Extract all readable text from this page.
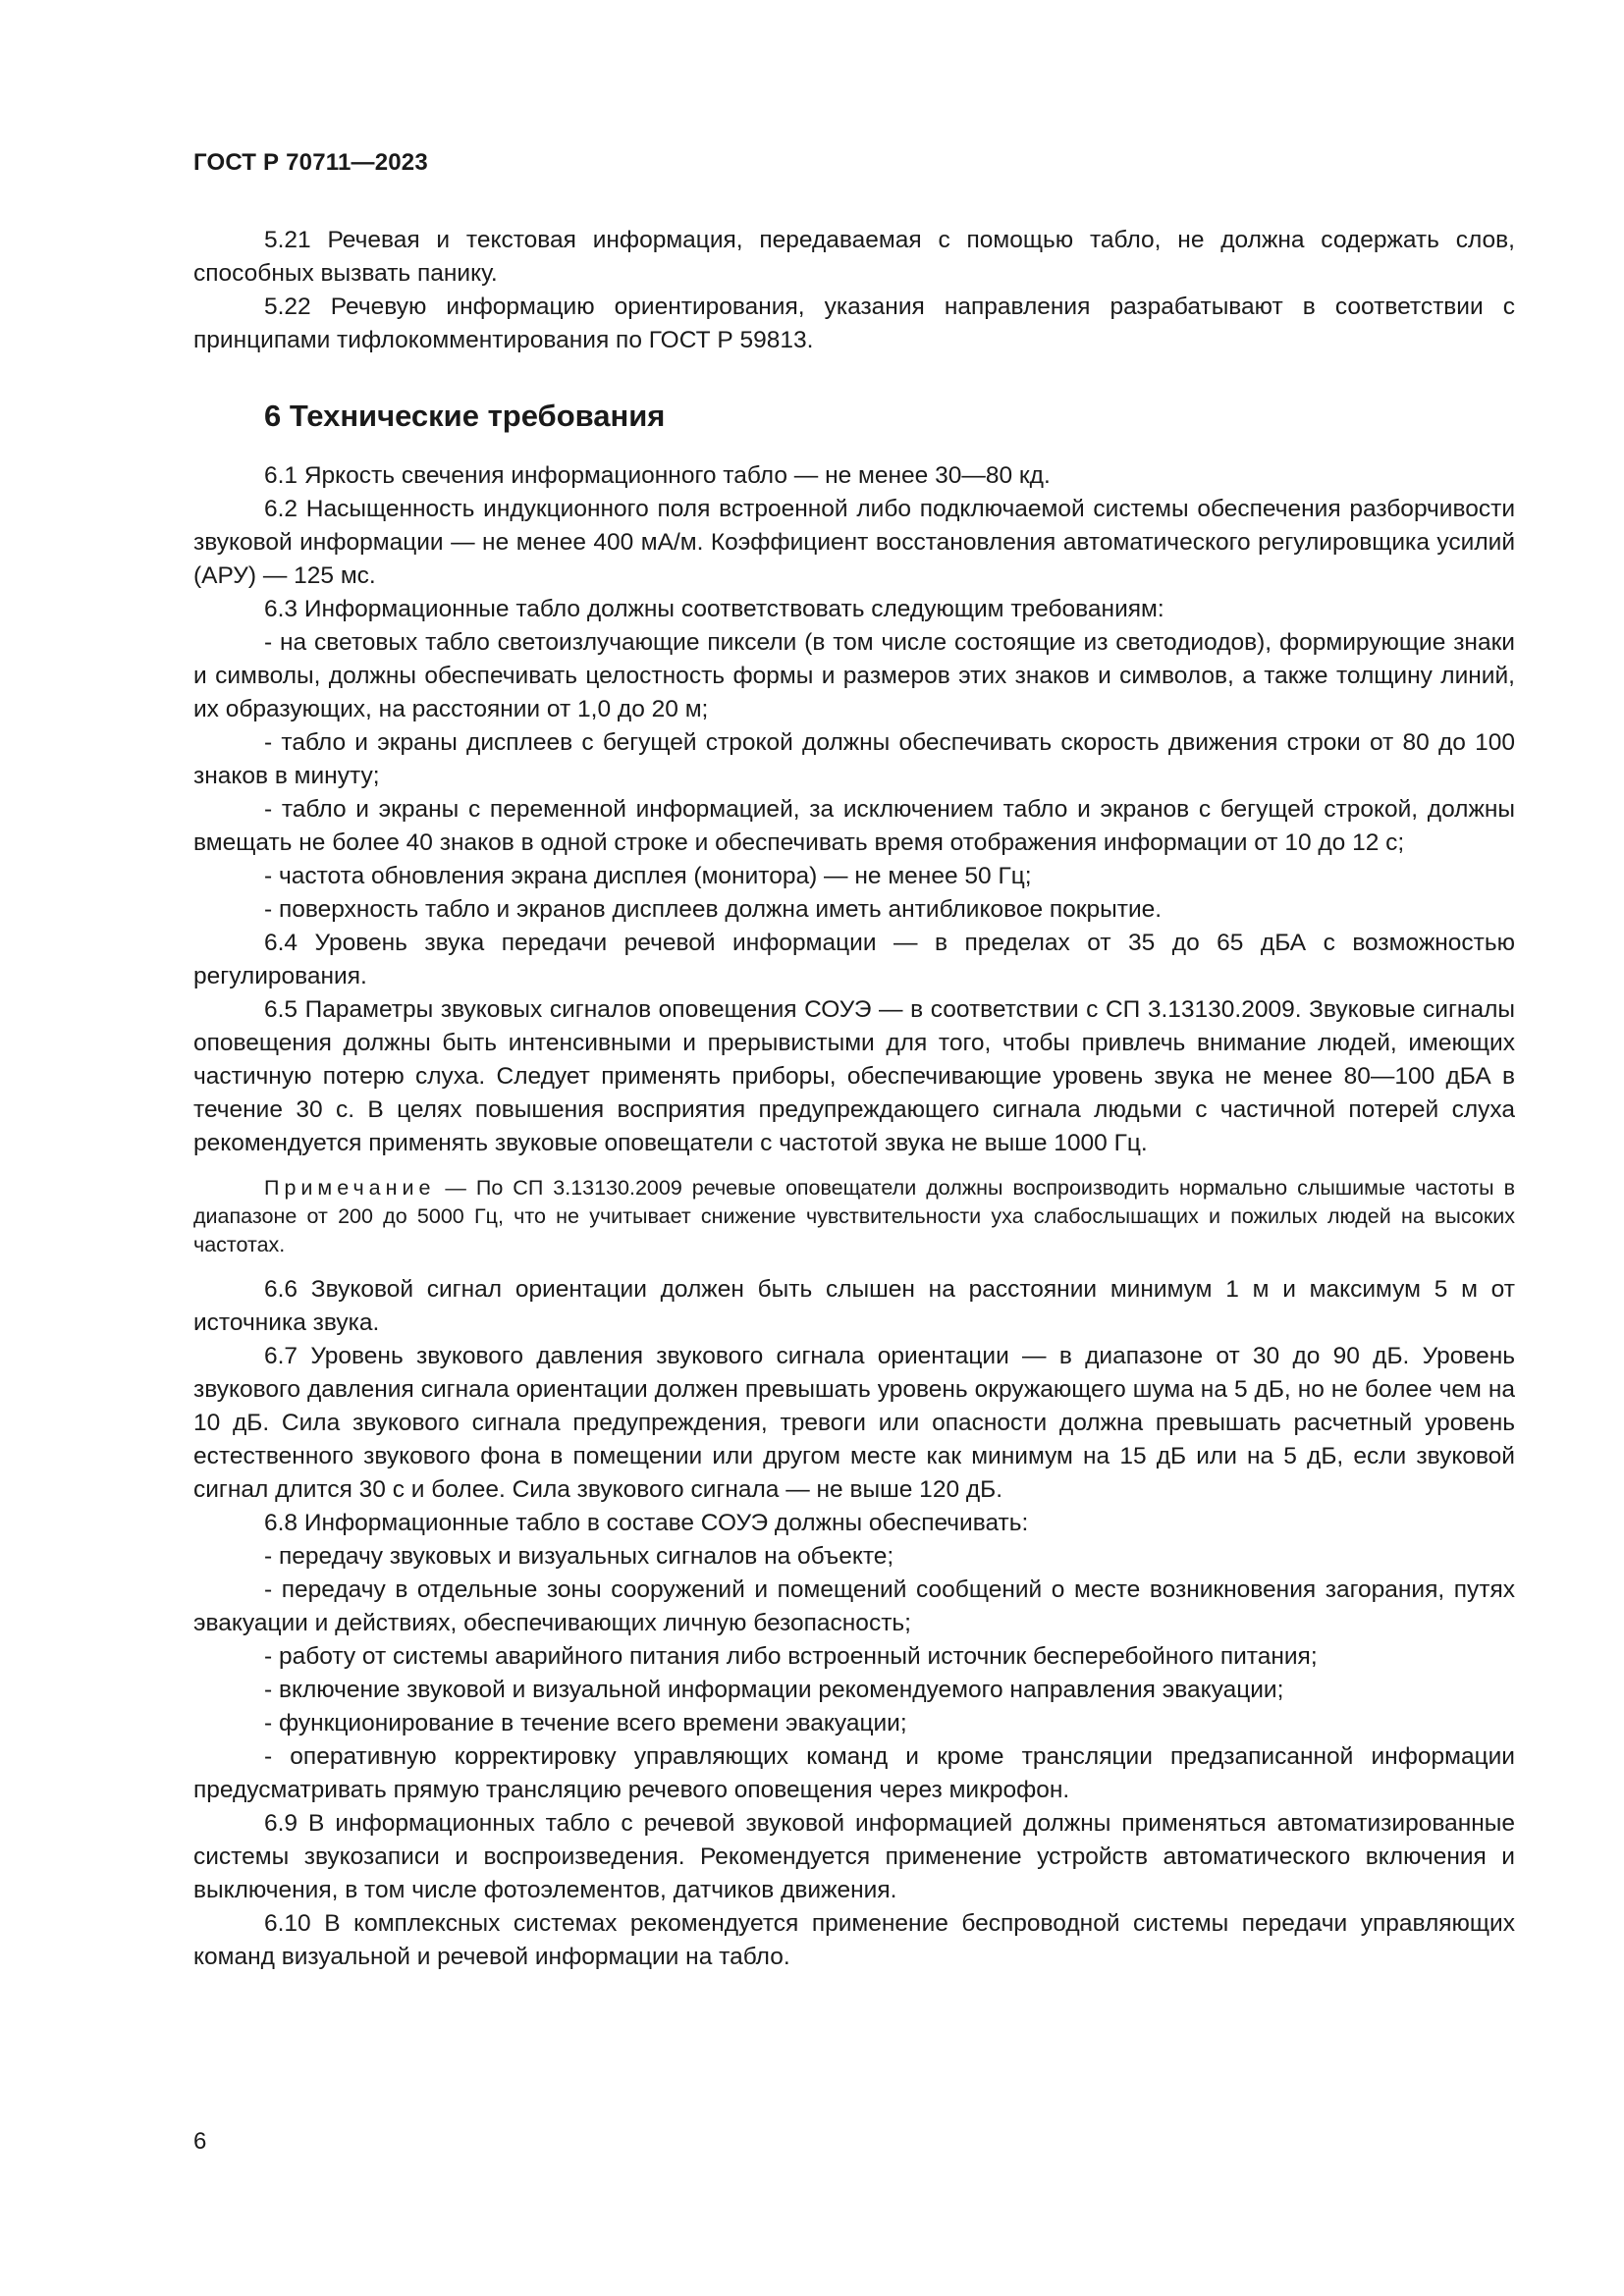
ГОСТ Р 70711—2023

5.21 Речевая и текстовая информация, передаваемая с помощью табло, не должна содержать слов, способных вызвать панику.

5.22 Речевую информацию ориентирования, указания направления разрабатывают в соответствии с принципами тифлокомментирования по ГОСТ Р 59813.

6 Технические требования

6.1 Яркость свечения информационного табло — не менее 30—80 кд.

6.2 Насыщенность индукционного поля встроенной либо подключаемой системы обеспечения разборчивости звуковой информации — не менее 400 мА/м. Коэффициент восстановления автоматического регулировщика усилий (АРУ) — 125 мс.

6.3 Информационные табло должны соответствовать следующим требованиям:

- на световых табло светоизлучающие пиксели (в том числе состоящие из светодиодов), формирующие знаки и символы, должны обеспечивать целостность формы и размеров этих знаков и символов, а также толщину линий, их образующих, на расстоянии от 1,0 до 20 м;

- табло и экраны дисплеев с бегущей строкой должны обеспечивать скорость движения строки от 80 до 100 знаков в минуту;

- табло и экраны с переменной информацией, за исключением табло и экранов с бегущей строкой, должны вмещать не более 40 знаков в одной строке и обеспечивать время отображения информации от 10 до 12 с;

- частота обновления экрана дисплея (монитора) — не менее 50 Гц;

- поверхность табло и экранов дисплеев должна иметь антибликовое покрытие.

6.4 Уровень звука передачи речевой информации — в пределах от 35 до 65 дБА с возможностью регулирования.

6.5 Параметры звуковых сигналов оповещения СОУЭ — в соответствии с СП 3.13130.2009. Звуковые сигналы оповещения должны быть интенсивными и прерывистыми для того, чтобы привлечь внимание людей, имеющих частичную потерю слуха. Следует применять приборы, обеспечивающие уровень звука не менее 80—100 дБА в течение 30 с. В целях повышения восприятия предупреждающего сигнала людьми с частичной потерей слуха рекомендуется применять звуковые оповещатели с частотой звука не выше 1000 Гц.

Примечание — По СП 3.13130.2009 речевые оповещатели должны воспроизводить нормально слышимые частоты в диапазоне от 200 до 5000 Гц, что не учитывает снижение чувствительности уха слабослышащих и пожилых людей на высоких частотах.

6.6 Звуковой сигнал ориентации должен быть слышен на расстоянии минимум 1 м и максимум 5 м от источника звука.

6.7 Уровень звукового давления звукового сигнала ориентации — в диапазоне от 30 до 90 дБ. Уровень звукового давления сигнала ориентации должен превышать уровень окружающего шума на 5 дБ, но не более чем на 10 дБ. Сила звукового сигнала предупреждения, тревоги или опасности должна превышать расчетный уровень естественного звукового фона в помещении или другом месте как минимум на 15 дБ или на 5 дБ, если звуковой сигнал длится 30 с и более. Сила звукового сигнала — не выше 120 дБ.

6.8 Информационные табло в составе СОУЭ должны обеспечивать:

- передачу звуковых и визуальных сигналов на объекте;

- передачу в отдельные зоны сооружений и помещений сообщений о месте возникновения загорания, путях эвакуации и действиях, обеспечивающих личную безопасность;

- работу от системы аварийного питания либо встроенный источник бесперебойного питания;

- включение звуковой и визуальной информации рекомендуемого направления эвакуации;

- функционирование в течение всего времени эвакуации;

- оперативную корректировку управляющих команд и кроме трансляции предзаписанной информации предусматривать прямую трансляцию речевого оповещения через микрофон.

6.9 В информационных табло с речевой звуковой информацией должны применяться автоматизированные системы звукозаписи и воспроизведения. Рекомендуется применение устройств автоматического включения и выключения, в том числе фотоэлементов, датчиков движения.

6.10 В комплексных системах рекомендуется применение беспроводной системы передачи управляющих команд визуальной и речевой информации на табло.

6
